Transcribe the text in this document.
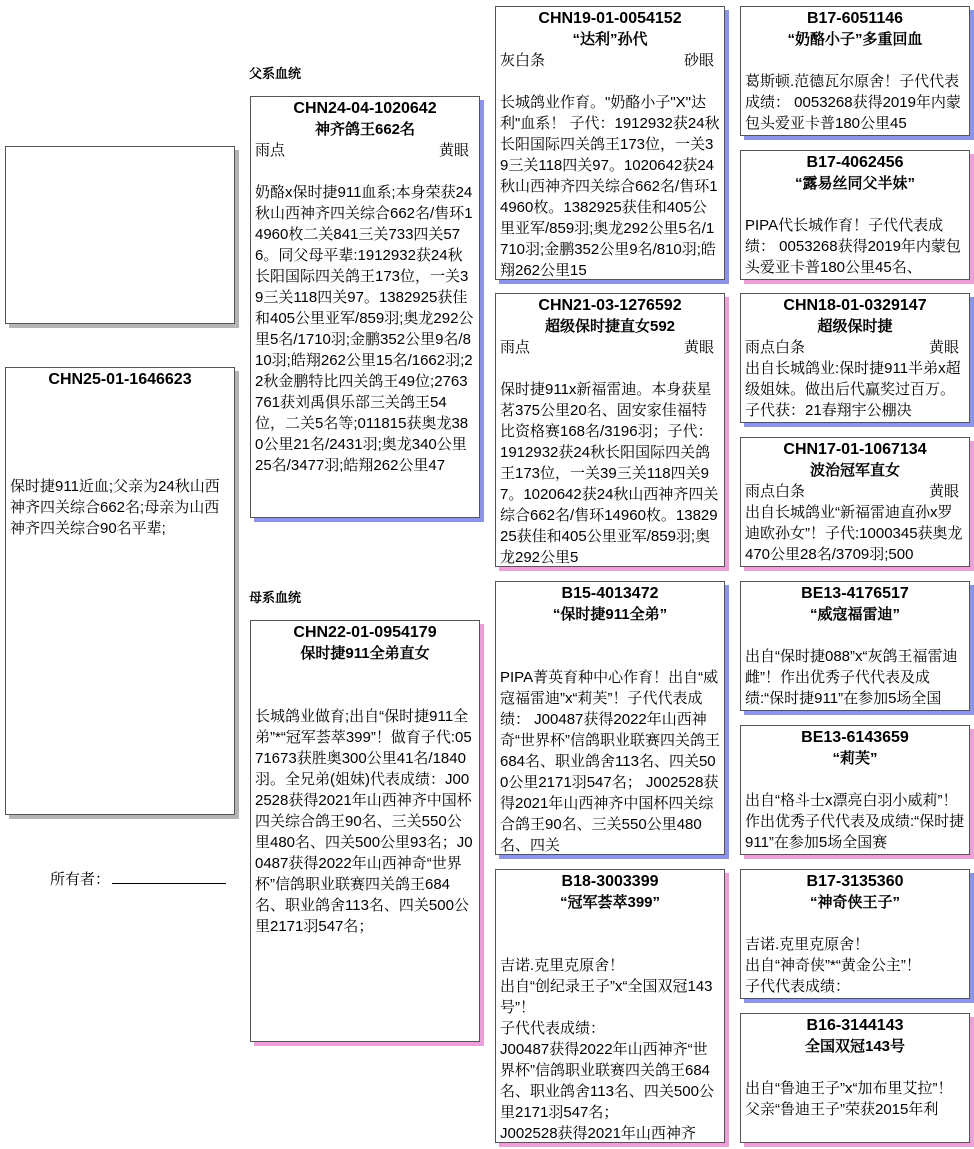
父系血统
母系血统
CHN25-01-1646623
保时捷911近血;父亲为24秋山西神齐四关综合662名;母亲为山西神齐四关综合90名平辈;
所有者：
CHN24-04-1020642
神齐鸽王662名
雨点	黄眼
奶酪x保时捷911血系;本身荣获24秋山西神齐四关综合662名/售环14960枚二关841三关733四关576。同父母平辈:1912932获24秋长阳国际四关鸽王173位，一关39三关118四关97。1382925获佳和405公里亚军/859羽;奥龙292公里5名/1710羽;金鹏352公里9名/810羽;皓翔262公里15名/1662羽;22秋金鹏特比四关鸽王49位;2763761获刘禹俱乐部三关鸽王54位，二关5名等;011815获奥龙380公里21名/2431羽;奥龙340公里25名/3477羽;皓翔262公里47
CHN22-01-0954179
保时捷911全弟直女
长城鸽业做育;出自“保时捷911全弟”*“冠军荟萃399”！做育子代:0571673获胜奥300公里41名/1840羽。全兄弟(姐妹)代表成绩：J002528获得2021年山西神齐中国杯四关综合鸽王90名、三关550公里480名、四关500公里93名；J00487获得2022年山西神奇“世界杯”信鸽职业联赛四关鸽王684名、职业鸽舍113名、四关500公里2171羽547名；
CHN19-01-0054152
“达利”孙代
灰白条	砂眼
长城鸽业作育。"奶酪小子"X"达利"血系！ 子代：1912932获24秋长阳国际四关鸽王173位，一关39三关118四关97。1020642获24秋山西神齐四关综合662名/售环14960枚。1382925获佳和405公里亚军/859羽;奥龙292公里5名/1710羽;金鹏352公里9名/810羽;皓翔262公里15
CHN21-03-1276592
超级保时捷直女592
雨点	黄眼
保时捷911x新福雷迪。本身获星茗375公里20名、固安家佳福特比资格赛168名/3196羽；子代：1912932获24秋长阳国际四关鸽王173位，一关39三关118四关97。1020642获24秋山西神齐四关综合662名/售环14960枚。1382925获佳和405公里亚军/859羽;奥龙292公里5
B15-4013472
“保时捷911全弟”
PIPA菁英育种中心作育！出自“威寇福雷迪”x“莉芙”！子代代表成绩： J00487获得2022年山西神奇“世界杯”信鸽职业联赛四关鸽王684名、职业鸽舍113名、四关500公里2171羽547名； J002528获得2021年山西神齐中国杯四关综合鸽王90名、三关550公里480名、四关
B18-3003399
“冠军荟萃399”
吉诺.克里克原舍！
出自“创纪录王子”x“全国双冠143号”！
子代代表成绩：
J00487获得2022年山西神齐“世界杯”信鸽职业联赛四关鸽王684名、职业鸽舍113名、四关500公里2171羽547名；
J002528获得2021年山西神齐
B17-6051146
“奶酪小子”多重回血
葛斯顿.范德瓦尔原舍！子代代表成绩： 0053268获得2019年内蒙包头爱亚卡普180公里45
B17-4062456
“露易丝同父半妹”
PIPA代长城作育！子代代表成绩： 0053268获得2019年内蒙包头爱亚卡普180公里45名、
CHN18-01-0329147
超级保时捷
雨点白条	黄眼
出自长城鸽业:保时捷911半弟x超级姐妹。做出后代赢奖过百万。子代获：21春翔宇公棚决
CHN17-01-1067134
波治冠军直女
雨点白条	黄眼
出自长城鸽业“新福雷迪直孙x罗迪欧孙女”！子代:1000345获奥龙470公里28名/3709羽;500
BE13-4176517
“威寇福雷迪”
出自“保时捷088”x“灰鸽王福雷迪雌”！作出优秀子代代表及成绩:“保时捷911”在参加5场全国
BE13-6143659
“莉芙”
出自“格斗士x漂亮白羽小威莉”！作出优秀子代代表及成绩:“保时捷911”在参加5场全国赛
B17-3135360
“神奇侠王子”
吉诺.克里克原舍！
出自“神奇侠”*“黄金公主”！
子代代表成绩：
B16-3144143
全国双冠143号
出自“鲁迪王子”x“加布里艾拉”！
父亲“鲁迪王子”荣获2015年利
